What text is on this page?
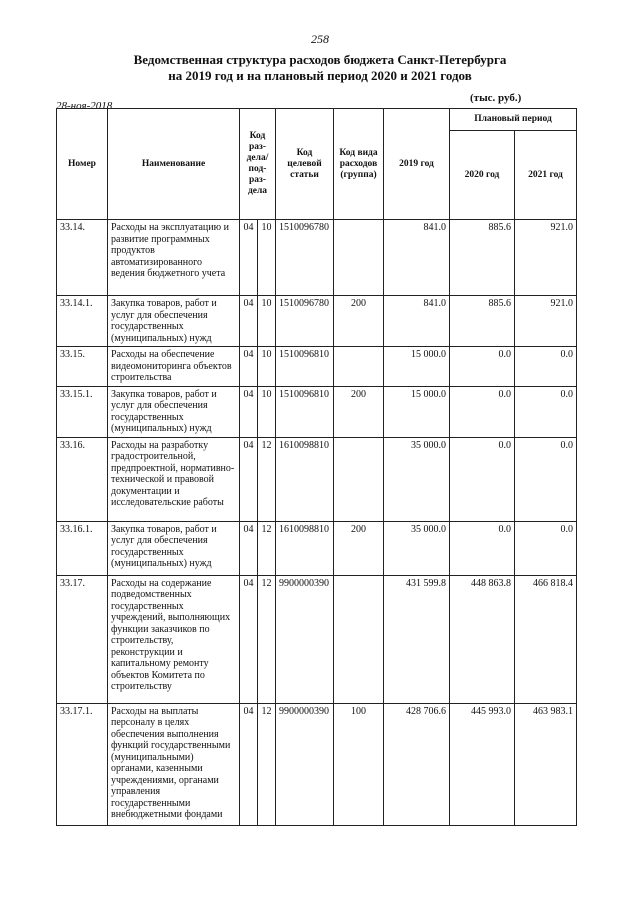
258
Ведомственная структура расходов бюджета Санкт-Петербурга
на 2019 год и на плановый период 2020 и 2021 годов
28-ноя-2018
(тыс. руб.)
Номер	Наименование	Код раз-дела/ под-раз-дела		Код целевой статьи	Код вида расходов (группа)	2019 год	Плановый период	
							2020 год	2021 год
33.14.	Расходы на эксплуатацию и развитие программных продуктов автоматизированного ведения бюджетного учета	04	10	1510096780		841.0	885.6	921.0
33.14.1.	Закупка товаров, работ и услуг для обеспечения государственных (муниципальных) нужд	04	10	1510096780	200	841.0	885.6	921.0
33.15.	Расходы на обеспечение видеомониторинга объектов строительства	04	10	1510096810		15 000.0	0.0	0.0
33.15.1.	Закупка товаров, работ и услуг для обеспечения государственных (муниципальных) нужд	04	10	1510096810	200	15 000.0	0.0	0.0
33.16.	Расходы на разработку градостроительной, предпроектной, нормативно-технической и правовой документации и исследовательские работы	04	12	1610098810		35 000.0	0.0	0.0
33.16.1.	Закупка товаров, работ и услуг для обеспечения государственных (муниципальных) нужд	04	12	1610098810	200	35 000.0	0.0	0.0
33.17.	Расходы на содержание подведомственных государственных учреждений, выполняющих функции заказчиков по строительству, реконструкции и капитальному ремонту объектов Комитета по строительству	04	12	9900000390		431 599.8	448 863.8	466 818.4
33.17.1.	Расходы на выплаты персоналу в целях обеспечения выполнения функций государственными (муниципальными) органами, казенными учреждениями, органами управления государственными внебюджетными фондами	04	12	9900000390	100	428 706.6	445 993.0	463 983.1
